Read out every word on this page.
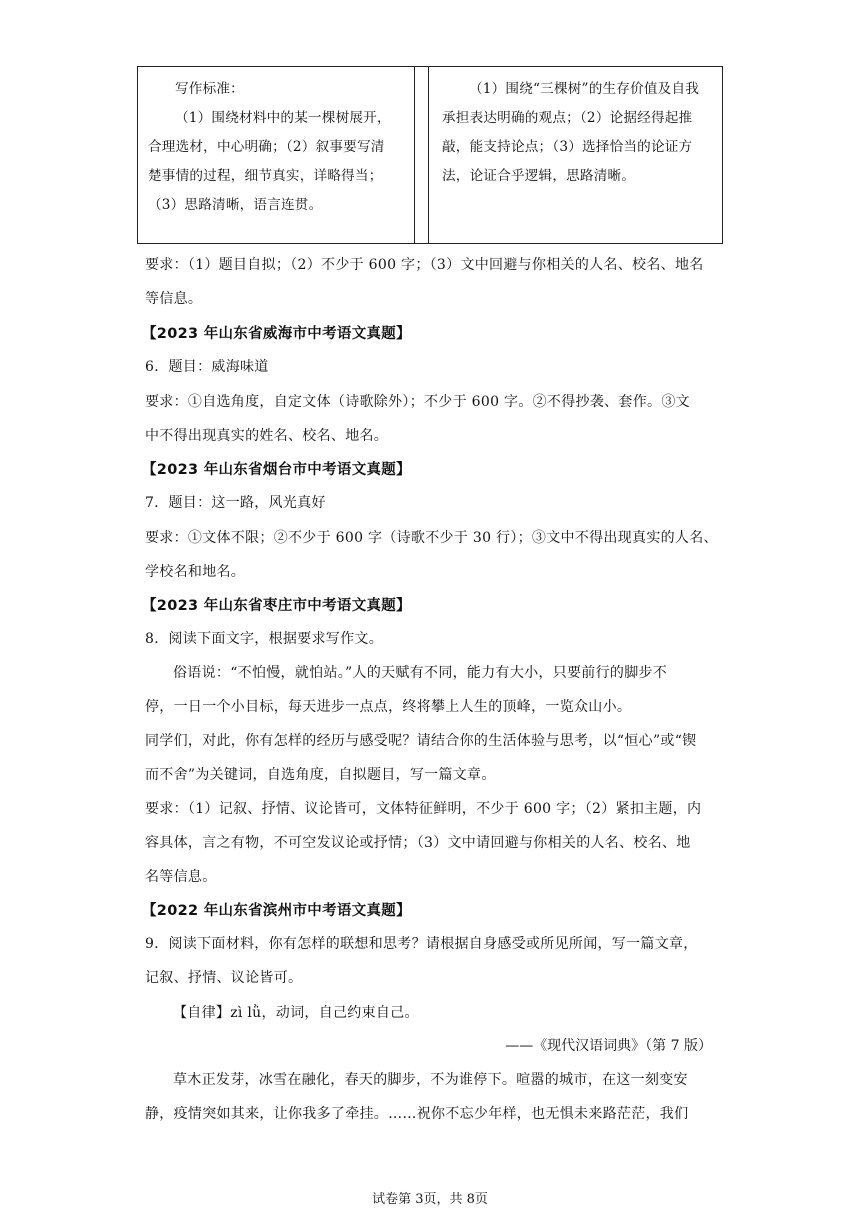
写作标准：
（1）围绕材料中的某一棵树展开，
合理选材，中心明确；（2）叙事要写清
楚事情的过程，细节真实，详略得当；
（3）思路清晰，语言连贯。
（1）围绕“三棵树”的生存价值及自我
承担表达明确的观点；（2）论据经得起推
敲，能支持论点；（3）选择恰当的论证方
法，论证合乎逻辑，思路清晰。
要求：（1）题目自拟；（2）不少于 600 字；（3）文中回避与你相关的人名、校名、地名
等信息。
【2023 年山东省威海市中考语文真题】
6．题目：威海味道
要求：①自选角度，自定文体（诗歌除外）；不少于 600 字。②不得抄袭、套作。③文
中不得出现真实的姓名、校名、地名。
【2023 年山东省烟台市中考语文真题】
7．题目：这一路，风光真好
要求：①文体不限；②不少于 600 字（诗歌不少于 30 行）；③文中不得出现真实的人名、
学校名和地名。
【2023 年山东省枣庄市中考语文真题】
8．阅读下面文字，根据要求写作文。
俗语说：“不怕慢，就怕站。”人的天赋有不同，能力有大小，只要前行的脚步不
停，一日一个小目标，每天进步一点点，终将攀上人生的顶峰，一览众山小。
同学们，对此，你有怎样的经历与感受呢？请结合你的生活体验与思考，以“恒心”或“锲
而不舍”为关键词，自选角度，自拟题目，写一篇文章。
要求：（1）记叙、抒情、议论皆可，文体特征鲜明，不少于 600 字；（2）紧扣主题，内
容具体，言之有物，不可空发议论或抒情；（3）文中请回避与你相关的人名、校名、地
名等信息。
【2022 年山东省滨州市中考语文真题】
9．阅读下面材料，你有怎样的联想和思考？请根据自身感受或所见所闻，写一篇文章，
记叙、抒情、议论皆可。
【自律】zì lǜ，动词，自己约束自己。
——《现代汉语词典》（第 7 版）
草木正发芽，冰雪在融化，春天的脚步，不为谁停下。喧嚣的城市，在这一刻变安
静，疫情突如其来，让你我多了牵挂。……祝你不忘少年样，也无惧未来路茫茫，我们
试卷第 3页，共 8页
